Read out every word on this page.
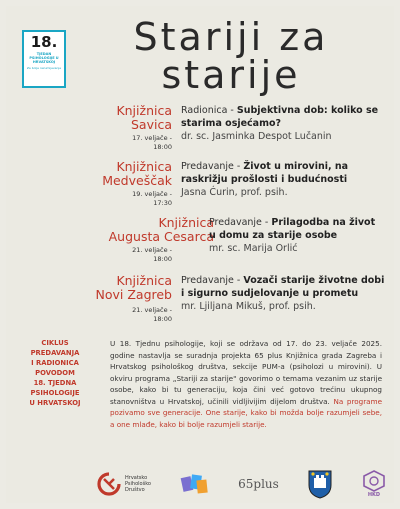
18.
TJEDAN PSIHOLOGIJE U HRVATSKOJ
Za bolje razumijevanje
Stariji za
starije
Knjižnica
Savica
17. veljače -
18:00
Radionica - Subjektivna dob: koliko se starima osjećamo?
dr. sc. Jasminka Despot Lučanin
Knjižnica
Medveščak
19. veljače -
17:30
Predavanje - Život u mirovini, na raskrižju prošlosti i budućnosti
Jasna Ćurin, prof. psih.
Knjižnica
Augusta Cesarca
21. veljače -
18:00
Predavanje - Prilagodba na život u domu za starije osobe
mr. sc. Marija Orlić
Knjižnica
Novi Zagreb
21. veljače -
18:00
Predavanje - Vozači starije životne dobi i sigurno sudjelovanje u prometu
mr. Ljiljana Mikuš, prof. psih.
CIKLUS
PREDAVANJA
I RADIONICA
POVODOM
18. TJEDNA
PSIHOLOGIJE
U HRVATSKOJ
U 18. Tjednu psihologije, koji se održava od 17. do 23. veljače 2025. godine nastavlja se suradnja projekta 65 plus Knjižnica grada Zagreba i Hrvatskog psihološkog društva, sekcije PUM-a (psiholozi u mirovini). U okviru programa „Stariji za starije" govorimo o temama vezanim uz starije osobe, kako bi tu generaciju, koja čini već gotovo trećinu ukupnog stanovništva u Hrvatskoj, učinili vidljivijim dijelom društva. Na programe pozivamo sve generacije. One starije, kako bi možda bolje razumjeli sebe, a one mlađe, kako bi bolje razumjeli starije.
Hrvatsko
Psihološko
Društvo	65plus
HKD
